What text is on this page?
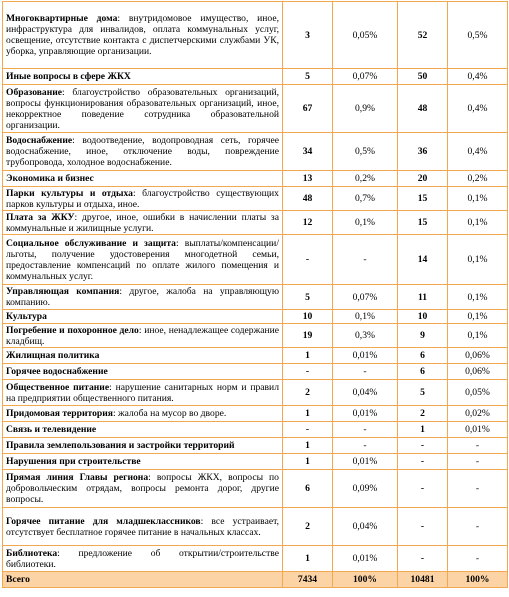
Многоквартирные дома: внутридомовое имущество, иное, инфраструктура для инвалидов, оплата коммунальных услуг, освещение, отсутствие контакта с диспетчерскими службами УК, уборка, управляющие организации.	3	0,05%	52	0,5%
Иные вопросы в сфере ЖКХ	5	0,07%	50	0,4%
Образование: благоустройство образовательных организаций, вопросы функционирования образовательных организаций, иное, некорректное поведение сотрудника образовательной организации.	67	0,9%	48	0,4%
Водоснабжение: водоотведение, водопроводная сеть, горячее водоснабжение, иное, отключение воды, повреждение трубопровода, холодное водоснабжение.	34	0,5%	36	0,4%
Экономика и бизнес	13	0,2%	20	0,2%
Парки культуры и отдыха: благоустройство существующих парков культуры и отдыха, иное.	48	0,7%	15	0,1%
Плата за ЖКУ: другое, иное, ошибки в начислении платы за коммунальные и жилищные услуги.	12	0,1%	15	0,1%
Социальное обслуживание и защита: выплаты/компенсации/льготы, получение удостоверения многодетной семьи, предоставление компенсаций по оплате жилого помещения и коммунальных услуг.	-	-	14	0,1%
Управляющая компания: другое, жалоба на управляющую компанию.	5	0,07%	11	0,1%
Культура	10	0,1%	10	0,1%
Погребение и похоронное дело: иное, ненадлежащее содержание кладбищ.	19	0,3%	9	0,1%
Жилищная политика	1	0,01%	6	0,06%
Горячее водоснабжение	-	-	6	0,06%
Общественное питание: нарушение санитарных норм и правил на предприятии общественного питания.	2	0,04%	5	0,05%
Придомовая территория: жалоба на мусор во дворе.	1	0,01%	2	0,02%
Связь и телевидение	-	-	1	0,01%
Правила землепользования и застройки территорий	1	-	-	-
Нарушения при строительстве	1	0,01%	-	-
Прямая линия Главы региона: вопросы ЖКХ, вопросы по добровольческим отрядам, вопросы ремонта дорог, другие вопросы.	6	0,09%	-	-
Горячее питание для младшеклассников: все устраивает, отсутствует бесплатное горячее питание в начальных классах.	2	0,04%	-	-
Библиотека: предложение об открытии/строительстве библиотеки.	1	0,01%	-	-
Всего	7434	100%	10481	100%
